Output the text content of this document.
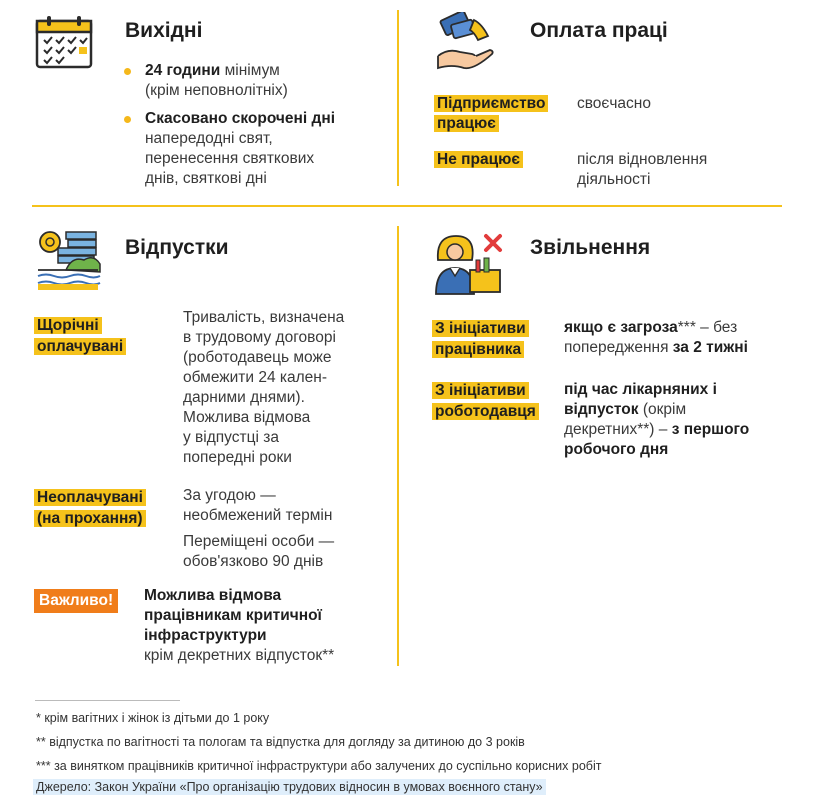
Вихідні
24 години мінімум
(крім неповнолітніх)
Скасовано скорочені дні
напередодні свят,
перенесення святкових
днів, святкові дні
Оплата праці
Підприємство
працює
своєчасно
Не працює	після відновлення
діяльності
Відпустки
Щорічні
оплачувані
Тривалість, визначена
в трудовому договорі
(роботодавець може
обмежити 24 кален-
дарними днями).
Можлива відмова
у відпустці за
попередні роки
Неоплачувані
(на прохання)
За угодою —
необмежений термін
Переміщені особи —
обов'язково 90 днів
Важливо!	Можлива відмова
працівникам критичної
інфраструктури
крім декретних відпусток**
Звільнення
З ініціативи
працівника
якщо є загроза*** – без
попередження за 2 тижні
З ініціативи
роботодавця
під час лікарняних і
відпусток (окрім
декретних**) – з першого
робочого дня
* крім вагітних і жінок із дітьми до 1 року
** відпустка по вагітності та пологам та відпустка для догляду за дитиною до 3 років
*** за винятком працівників критичної інфраструктури або залучених до суспільно корисних робіт
Джерело: Закон України «Про організацію трудових відносин в умовах воєнного стану»
